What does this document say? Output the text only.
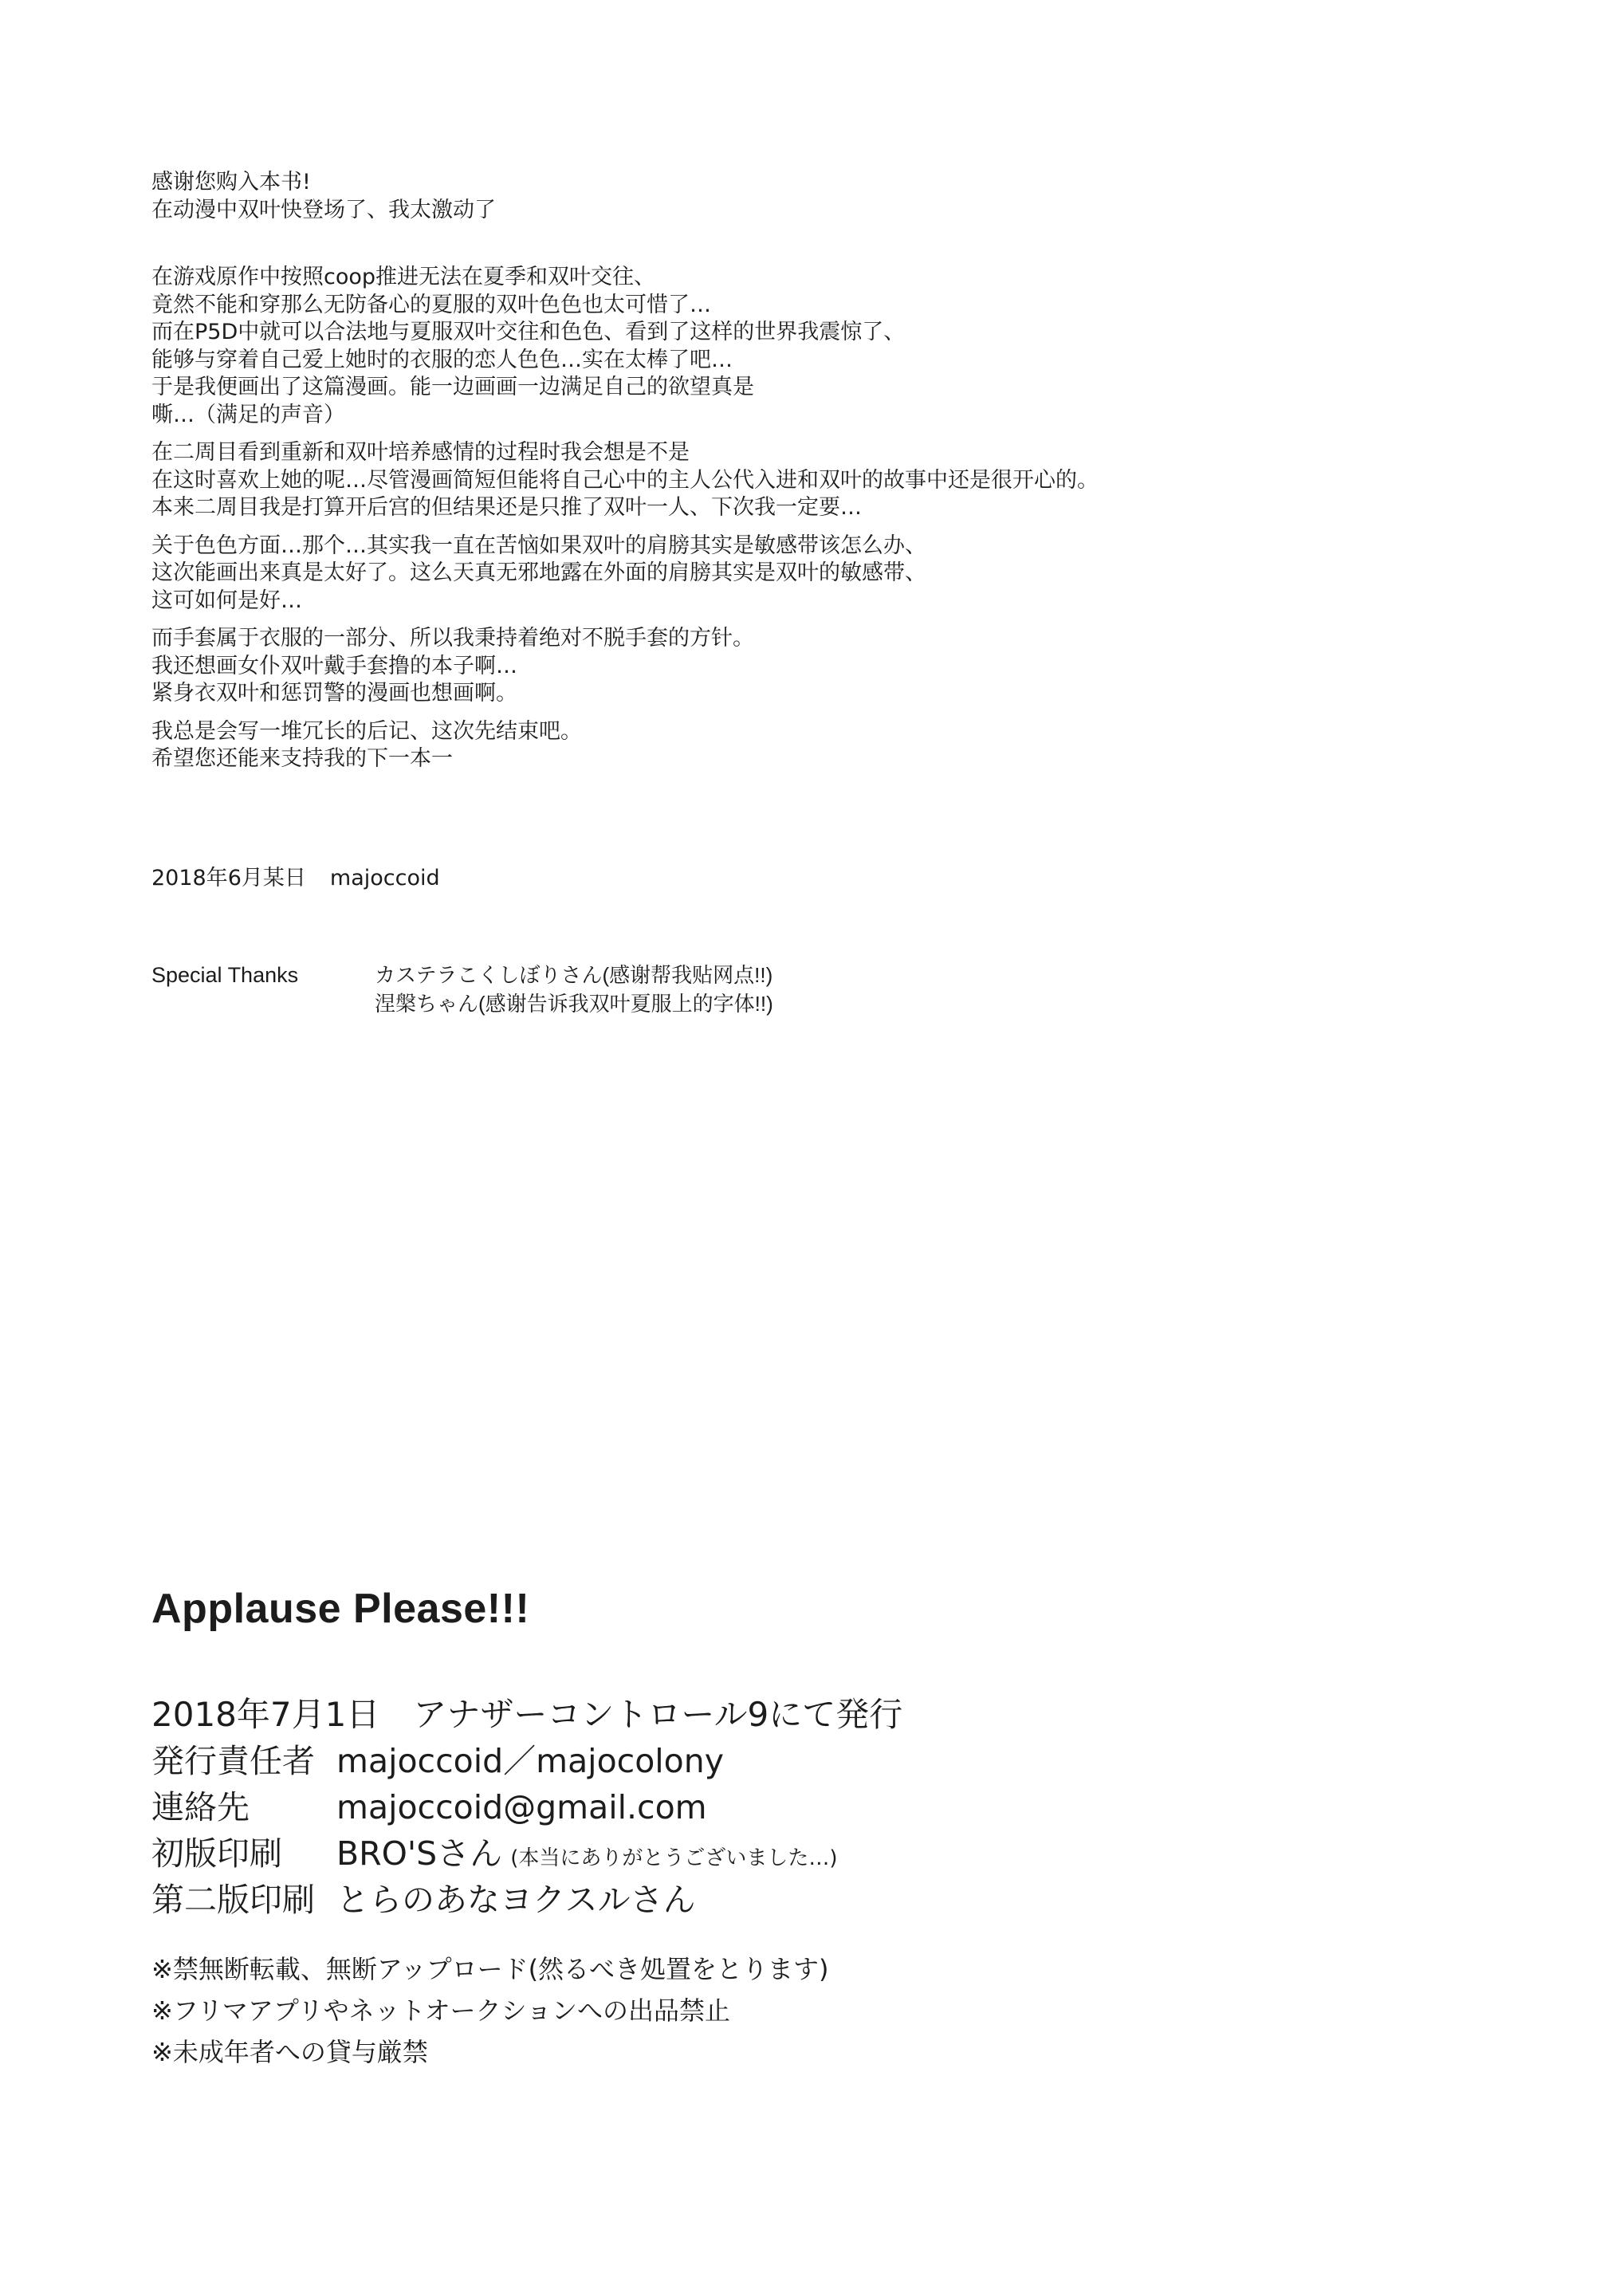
感谢您购入本书!
在动漫中双叶快登场了、我太激动了
在游戏原作中按照coop推进无法在夏季和双叶交往、
竟然不能和穿那么无防备心的夏服的双叶色色也太可惜了…
而在P5D中就可以合法地与夏服双叶交往和色色、看到了这样的世界我震惊了、
能够与穿着自己爱上她时的衣服的恋人色色…实在太棒了吧…
于是我便画出了这篇漫画。能一边画画一边满足自己的欲望真是
嘶…（满足的声音）
在二周目看到重新和双叶培养感情的过程时我会想是不是
在这时喜欢上她的呢…尽管漫画简短但能将自己心中的主人公代入进和双叶的故事中还是很开心的。
本来二周目我是打算开后宫的但结果还是只推了双叶一人、下次我一定要…
关于色色方面…那个…其实我一直在苦恼如果双叶的肩膀其实是敏感带该怎么办、
这次能画出来真是太好了。这么天真无邪地露在外面的肩膀其实是双叶的敏感带、
这可如何是好…
而手套属于衣服的一部分、所以我秉持着绝对不脱手套的方针。
我还想画女仆双叶戴手套撸的本子啊…
紧身衣双叶和惩罚警的漫画也想画啊。
我总是会写一堆冗长的后记、这次先结束吧。
希望您还能来支持我的下一本一
2018年6月某日 majoccoid
Special Thanks	カステラこくしぼりさん(感谢帮我贴网点!!)
涅槃ちゃん(感谢告诉我双叶夏服上的字体!!)
Applause Please!!!
2018年7月1日　アナザーコントロール9にて発行
発行責任者 majoccoid／majocolony
連絡先	majoccoid@gmail.com
初版印刷 BRO'Sさん (本当にありがとうございました…)
第二版印刷 とらのあなヨクスルさん
※禁無断転載、無断アップロード(然るべき処置をとります)
※フリマアプリやネットオークションへの出品禁止
※未成年者への貸与厳禁
